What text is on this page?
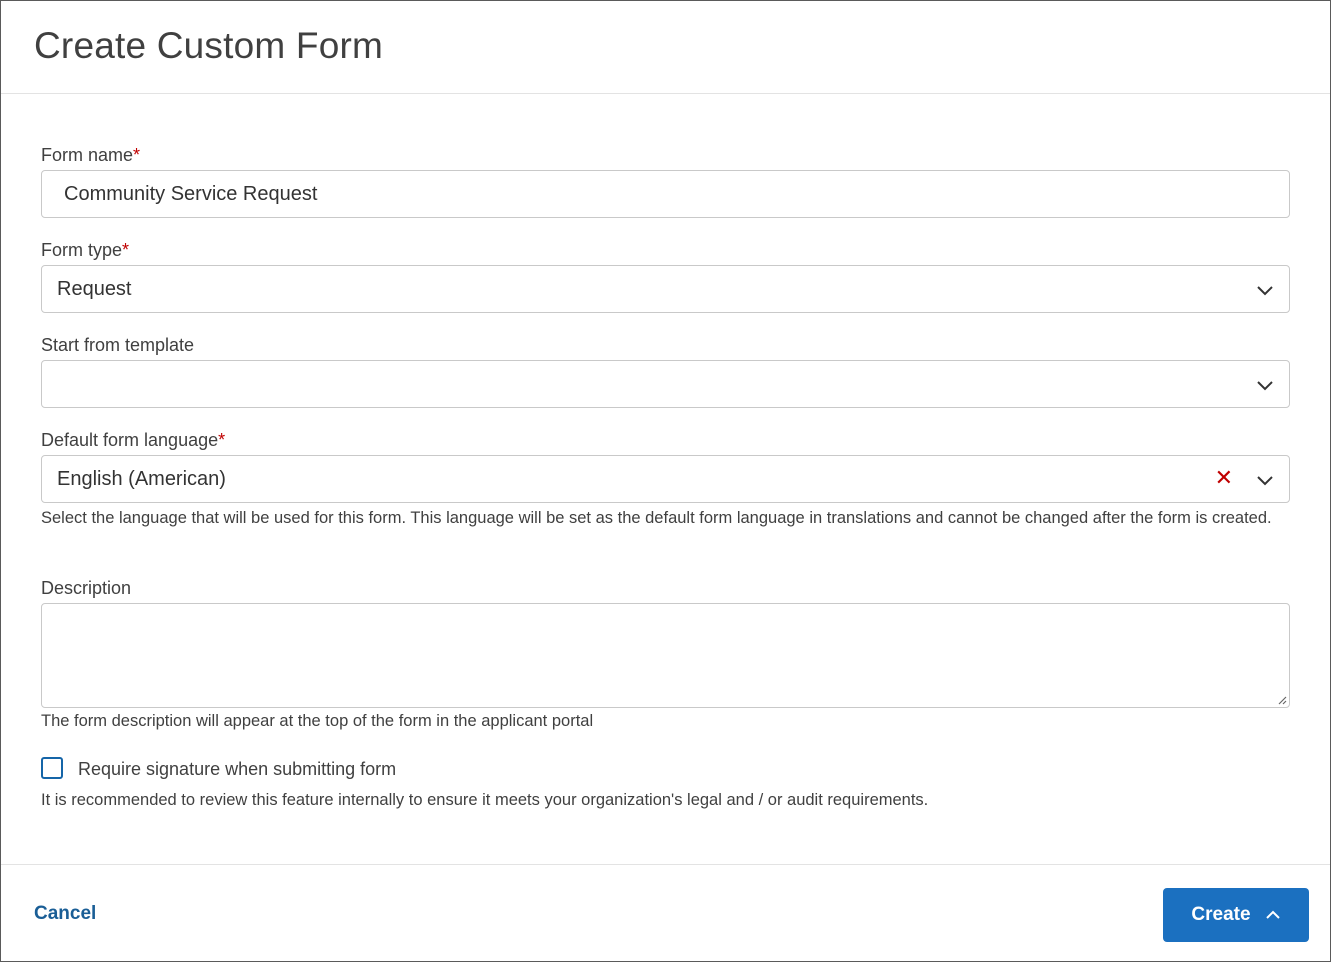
Create Custom Form
Form name*
Community Service Request
Form type*
Request
Start from template
Default form language*
English (American)	✕
Select the language that will be used for this form. This language will be set as the default form language in translations and cannot be changed after the form is created.
Description
The form description will appear at the top of the form in the applicant portal
Require signature when submitting form
It is recommended to review this feature internally to ensure it meets your organization's legal and / or audit requirements.
Cancel	Create
